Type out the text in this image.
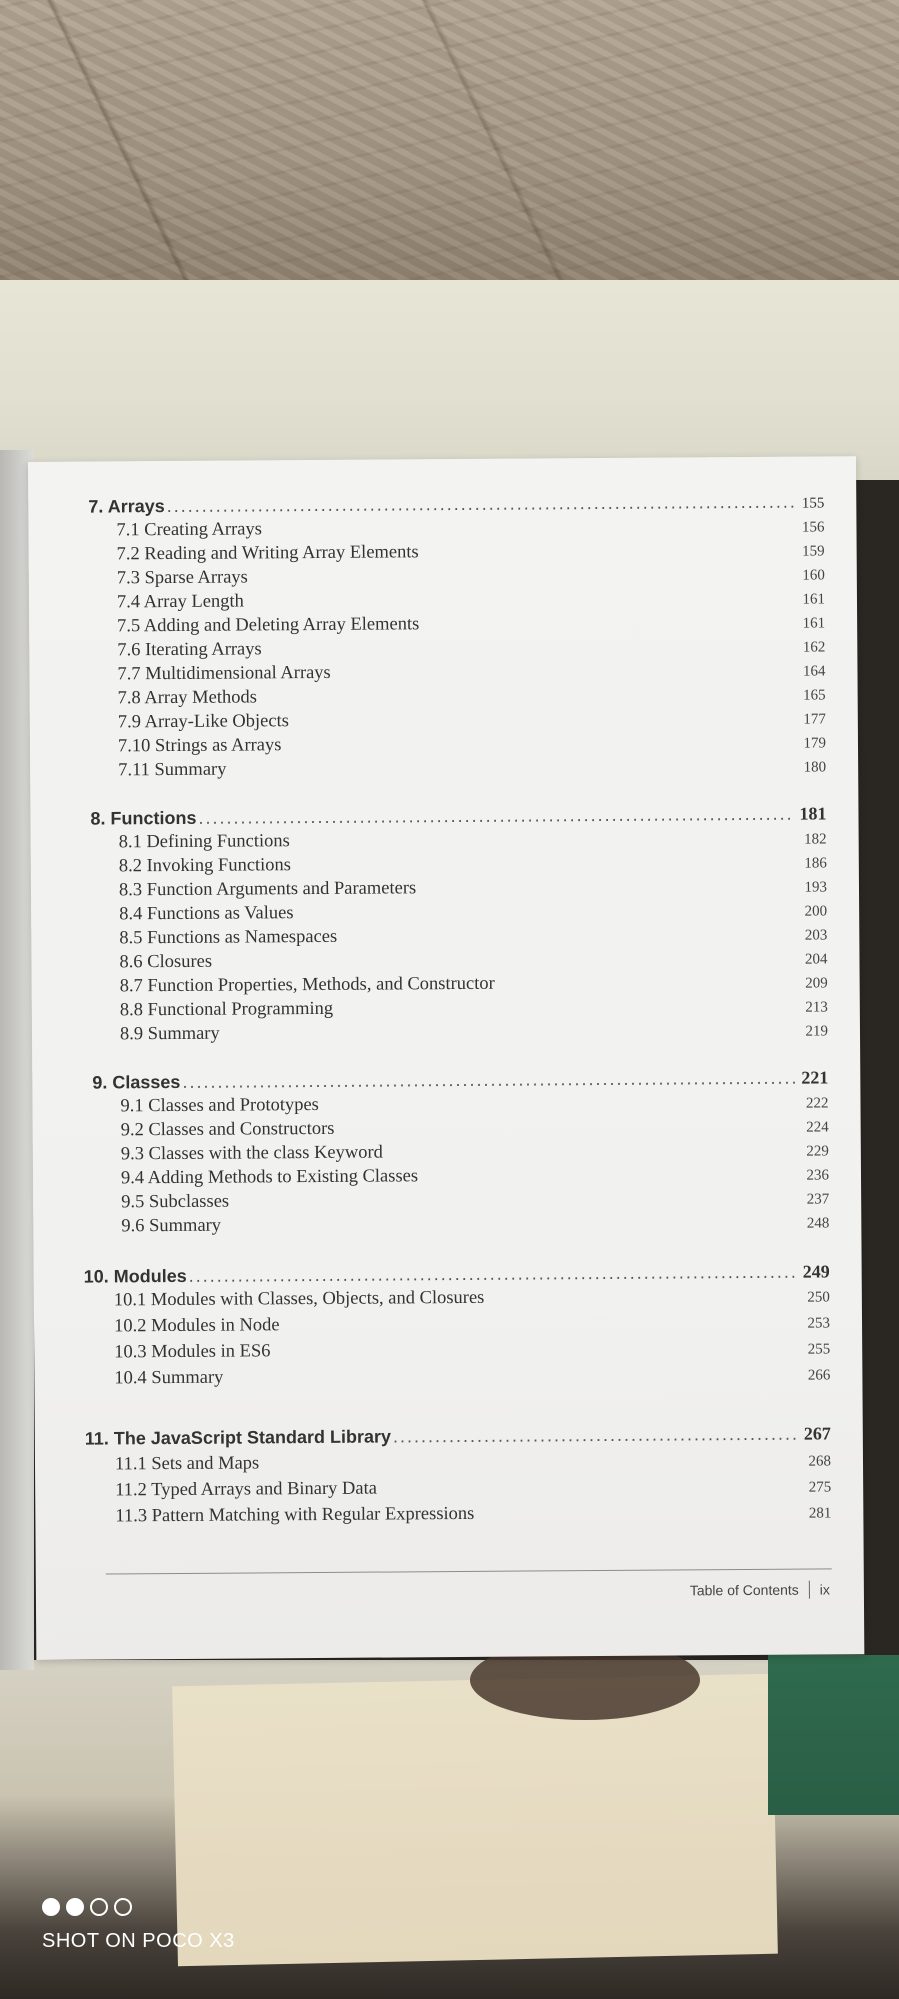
7. Arrays .....	155
7.1 Creating Arrays	156
7.2 Reading and Writing Array Elements	159
7.3 Sparse Arrays	160
7.4 Array Length	161
7.5 Adding and Deleting Array Elements	161
7.6 Iterating Arrays	162
7.7 Multidimensional Arrays	164
7.8 Array Methods	165
7.9 Array-Like Objects	177
7.10 Strings as Arrays	179
7.11 Summary	180
8. Functions .....	181
8.1 Defining Functions	182
8.2 Invoking Functions	186
8.3 Function Arguments and Parameters	193
8.4 Functions as Values	200
8.5 Functions as Namespaces	203
8.6 Closures	204
8.7 Function Properties, Methods, and Constructor	209
8.8 Functional Programming	213
8.9 Summary	219
9. Classes .....	221
9.1 Classes and Prototypes	222
9.2 Classes and Constructors	224
9.3 Classes with the class Keyword	229
9.4 Adding Methods to Existing Classes	236
9.5 Subclasses	237
9.6 Summary	248
10. Modules .....	249
10.1 Modules with Classes, Objects, and Closures	250
10.2 Modules in Node	253
10.3 Modules in ES6	255
10.4 Summary	266
11. The JavaScript Standard Library .....	267
11.1 Sets and Maps	268
11.2 Typed Arrays and Binary Data	275
11.3 Pattern Matching with Regular Expressions	281
Table of Contents ix
SHOT ON POCO X3
